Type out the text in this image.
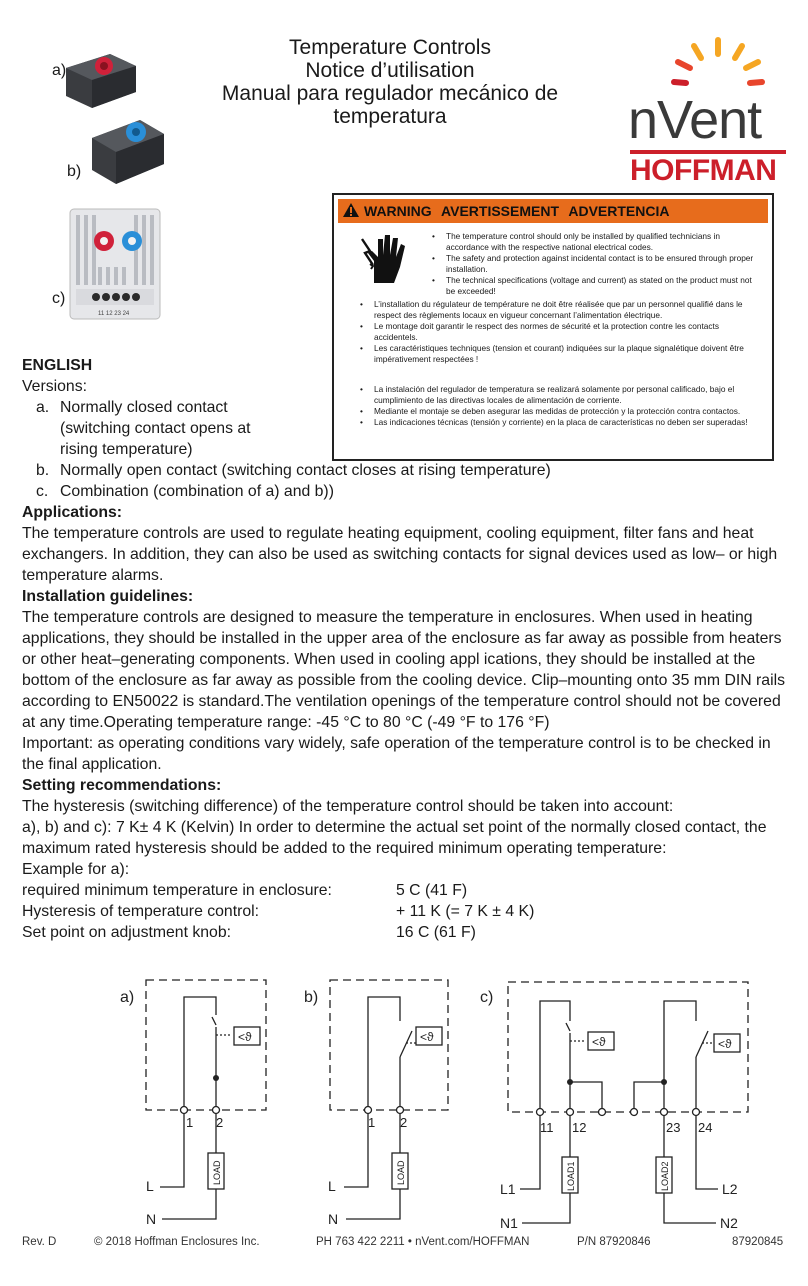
Temperature Controls
Notice d’utilisation
Manual para regulador mecánico de
temperatura	nVent
HOFFMAN
a)
b)
c)
11 12 23 24
WARNING AVERTISSEMENT ADVERTENCIA
• The temperature control should only be installed by qualified technicians in accordance with the respective national electrical codes.
• The safety and protection against incidental contact is to be ensured through proper installation.
• The technical specifications (voltage and current) as stated on the product must not be exceeded!
• L’installation du régulateur de température ne doit être réalisée que par un personnel qualifié dans le respect des règlements locaux en vigueur concernant l’alimentation électrique.
• Le montage doit garantir le respect des normes de sécurité et la protection contre les contacts accidentels.
• Les caractéristiques techniques (tension et courant) indiquées sur la plaque signalétique doivent être impérativement respectées !
• La instalación del regulador de temperatura se realizará solamente por personal calificado, bajo el cumplimiento de las directivas locales de alimentación de corriente.
• Mediante el montaje se deben asegurar las medidas de protección y la protección contra contactos.
• Las indicaciones técnicas (tensión y corriente) en la placa de características no deben ser superadas!
ENGLISH
Versions:
a. Normally closed contact
(switching contact opens at
rising temperature)
b. Normally open contact (switching contact closes at rising temperature)
c. Combination (combination of a) and b))
Applications:
The temperature controls are used to regulate heating equipment, cooling equipment, filter fans and heat exchangers. In addition, they can also be used as switching contacts for signal devices used as low– or high temperature alarms.
Installation guidelines:
The temperature controls are designed to measure the temperature in enclosures. When used in heating applications, they should be installed in the upper area of the enclosure as far away as possible from heaters or other heat–generating components. When used in cooling appl ications, they should be installed at the bottom of the enclosure as far away as possible from the cooling device. Clip–mounting onto 35 mm DIN rails according to EN50022 is standard.The ventilation openings of the temperature control should not be covered at any time.Operating temperature range: -45 °C to 80 °C (-49 °F to 176 °F)
Important: as operating conditions vary widely, safe operation of the temperature control is to be checked in the final application.
Setting recommendations:
The hysteresis (switching difference) of the temperature control should be taken into account:
a), b) and c): 7 K± 4 K (Kelvin) In order to determine the actual set point of the normally closed contact, the maximum rated hysteresis should be added to the required minimum operating temperature:
Example for a):
required minimum temperature in enclosure:	5 C (41 F)
Hysteresis of temperature control:	+ 11 K (= 7 K ± 4 K)
Set point on adjustment knob:	16 C (61 F)
a)
<ϑ
1 2
L
LOAD
N
b)
<ϑ
1 2
L
LOAD
N
c)
<ϑ	<ϑ
11 12	23 24
L1	LOAD1
N1
L2
LOAD2
N2
Rev. D	© 2018 Hoffman Enclosures Inc.	PH 763 422 2211 • nVent.com/HOFFMAN	P/N 87920846	87920845
